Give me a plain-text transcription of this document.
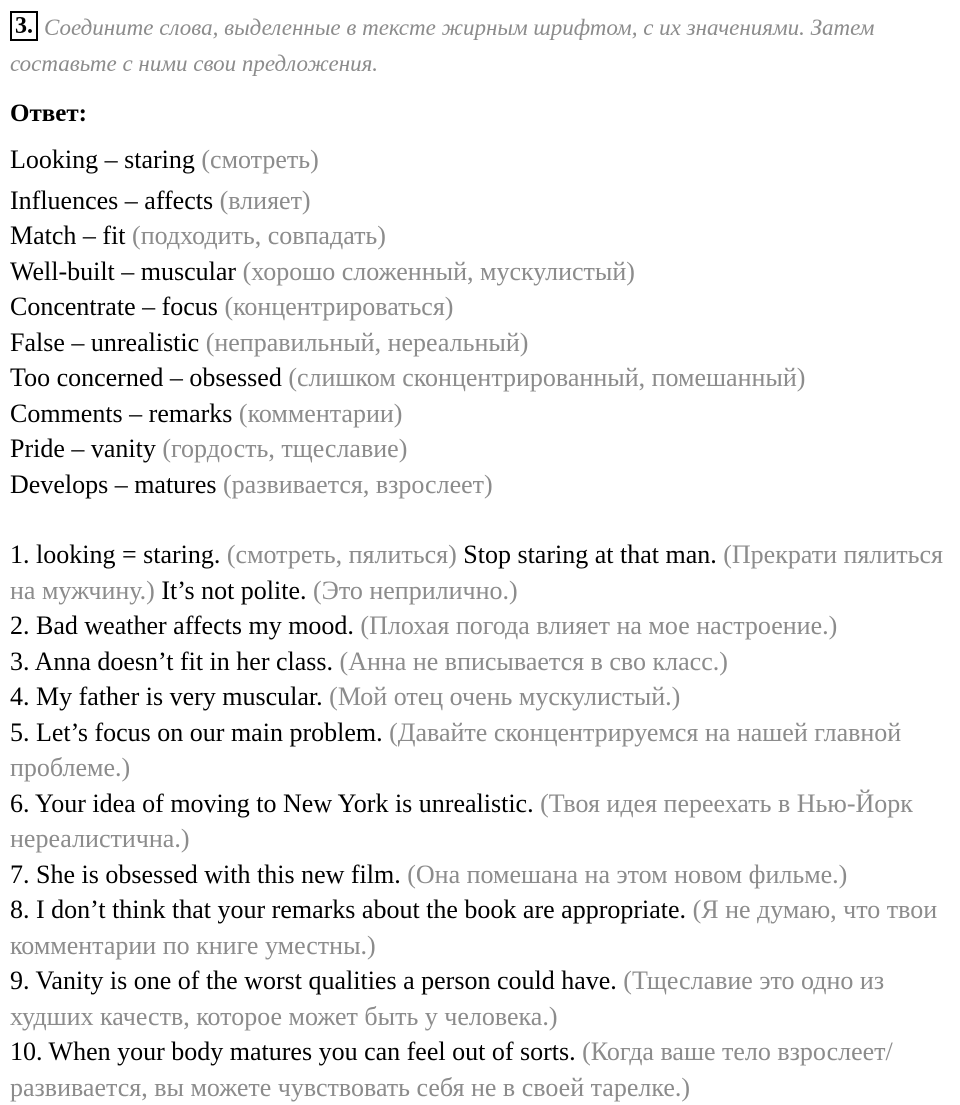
3. Соедините слова, выделенные в тексте жирным шрифтом, с их значениями. Затем составьте с ними свои предложения.
Ответ:
Looking – staring (смотреть)
Influences – affects (влияет)
Match – fit (подходить, совпадать)
Well-built – muscular (хорошо сложенный, мускулистый)
Concentrate – focus (концентрироваться)
False – unrealistic (неправильный, нереальный)
Too concerned – obsessed (слишком сконцентрированный, помешанный)
Comments – remarks (комментарии)
Pride – vanity (гордость, тщеславие)
Develops – matures (развивается, взрослеет)
1. looking = staring. (смотреть, пялиться) Stop staring at that man. (Прекрати пялиться на мужчину.) It’s not polite. (Это неприлично.)
2. Bad weather affects my mood. (Плохая погода влияет на мое настроение.)
3. Anna doesn’t fit in her class. (Анна не вписывается в сво класс.)
4. My father is very muscular. (Мой отец очень мускулистый.)
5. Let’s focus on our main problem. (Давайте сконцентрируемся на нашей главной проблеме.)
6. Your idea of moving to New York is unrealistic. (Твоя идея переехать в Нью-Йорк нереалистична.)
7. She is obsessed with this new film. (Она помешана на этом новом фильме.)
8. I don’t think that your remarks about the book are appropriate. (Я не думаю, что твои комментарии по книге уместны.)
9. Vanity is one of the worst qualities a person could have. (Тщеславие это одно из худших качеств, которое может быть у человека.)
10. When your body matures you can feel out of sorts. (Когда ваше тело взрослеет/развивается, вы можете чувствовать себя не в своей тарелке.)
